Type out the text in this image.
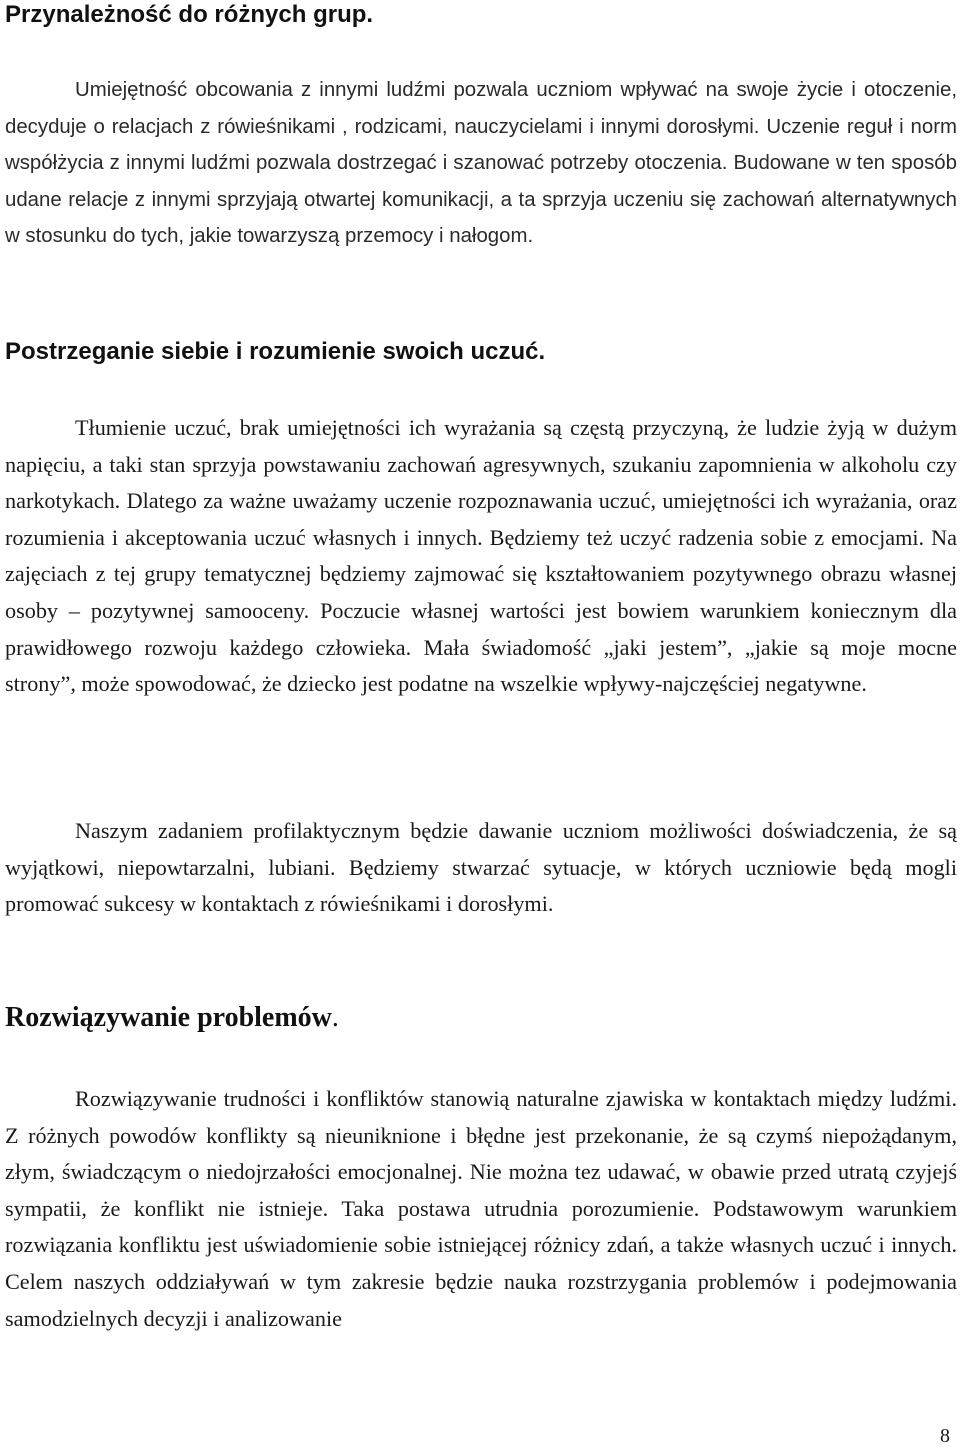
Przynależność do różnych grup.

Umiejętność obcowania z innymi ludźmi pozwala uczniom wpływać na swoje życie i otoczenie, decyduje o relacjach z rówieśnikami , rodzicami, nauczycielami i innymi dorosłymi. Uczenie reguł i norm współżycia z innymi ludźmi pozwala dostrzegać i szanować potrzeby otoczenia. Budowane w ten sposób udane relacje z innymi sprzyjają otwartej komunikacji, a ta sprzyja uczeniu się zachowań alternatywnych w stosunku do tych, jakie towarzyszą przemocy i nałogom.

Postrzeganie siebie i rozumienie swoich uczuć.

Tłumienie uczuć, brak umiejętności ich wyrażania są częstą przyczyną, że ludzie żyją w dużym napięciu, a taki stan sprzyja powstawaniu zachowań agresywnych, szukaniu zapomnienia w alkoholu czy narkotykach. Dlatego za ważne uważamy uczenie rozpoznawania uczuć, umiejętności ich wyrażania, oraz rozumienia i akceptowania uczuć własnych i innych. Będziemy też uczyć radzenia sobie z emocjami. Na zajęciach z tej grupy tematycznej będziemy zajmować się kształtowaniem pozytywnego obrazu własnej osoby – pozytywnej samooceny. Poczucie własnej wartości jest bowiem warunkiem koniecznym dla prawidłowego rozwoju każdego człowieka. Mała świadomość „jaki jestem”, „jakie są moje mocne strony”, może spowodować, że dziecko jest podatne na wszelkie wpływy-najczęściej negatywne.

Naszym zadaniem profilaktycznym będzie dawanie uczniom możliwości doświadczenia, że są wyjątkowi, niepowtarzalni, lubiani. Będziemy stwarzać sytuacje, w których uczniowie będą mogli promować sukcesy w kontaktach z rówieśnikami i dorosłymi.

Rozwiązywanie problemów.

Rozwiązywanie trudności i konfliktów stanowią naturalne zjawiska w kontaktach między ludźmi. Z różnych powodów konflikty są nieuniknione i błędne jest przekonanie, że są czymś niepożądanym, złym, świadczącym o niedojrzałości emocjonalnej. Nie można tez udawać, w obawie przed utratą czyjejś sympatii, że konflikt nie istnieje. Taka postawa utrudnia porozumienie. Podstawowym warunkiem rozwiązania konfliktu jest uświadomienie sobie istniejącej różnicy zdań, a także własnych uczuć i innych. Celem naszych oddziaływań w tym zakresie będzie nauka rozstrzygania problemów i podejmowania samodzielnych decyzji i analizowanie

8
